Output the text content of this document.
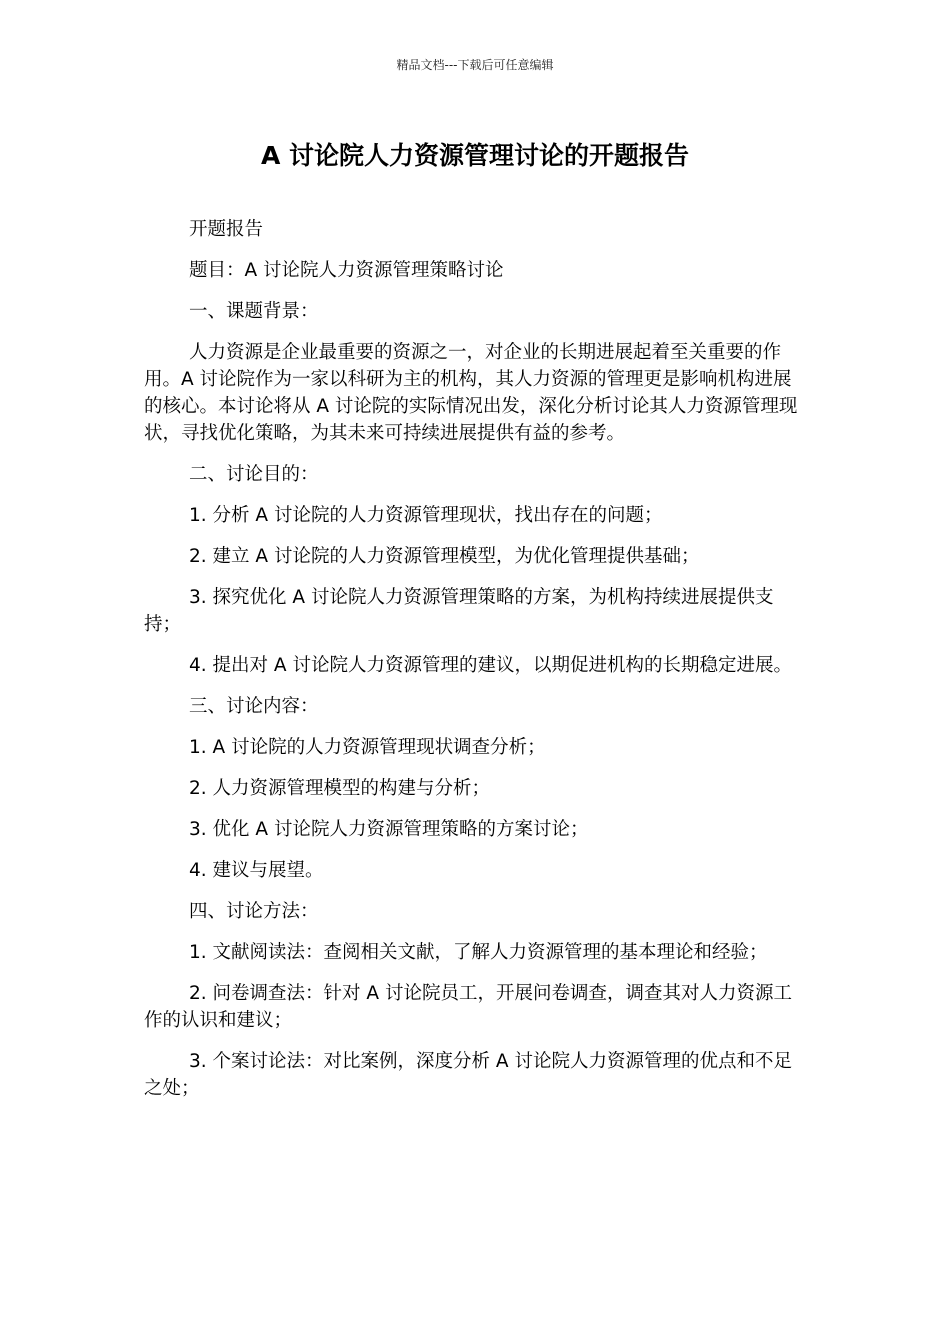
精品文档---下载后可任意编辑
A 讨论院人力资源管理讨论的开题报告

开题报告

题目：A 讨论院人力资源管理策略讨论

一、课题背景：

人力资源是企业最重要的资源之一，对企业的长期进展起着至关重要的作用。A 讨论院作为一家以科研为主的机构，其人力资源的管理更是影响机构进展的核心。本讨论将从 A 讨论院的实际情况出发，深化分析讨论其人力资源管理现状，寻找优化策略，为其未来可持续进展提供有益的参考。

二、讨论目的：

1. 分析 A 讨论院的人力资源管理现状，找出存在的问题；

2. 建立 A 讨论院的人力资源管理模型，为优化管理提供基础；

3. 探究优化 A 讨论院人力资源管理策略的方案，为机构持续进展提供支持；

4. 提出对 A 讨论院人力资源管理的建议，以期促进机构的长期稳定进展。

三、讨论内容：

1. A 讨论院的人力资源管理现状调查分析；

2. 人力资源管理模型的构建与分析；

3. 优化 A 讨论院人力资源管理策略的方案讨论；

4. 建议与展望。

四、讨论方法：

1. 文献阅读法：查阅相关文献，了解人力资源管理的基本理论和经验；

2. 问卷调查法：针对 A 讨论院员工，开展问卷调查，调查其对人力资源工作的认识和建议；

3. 个案讨论法：对比案例，深度分析 A 讨论院人力资源管理的优点和不足之处；
